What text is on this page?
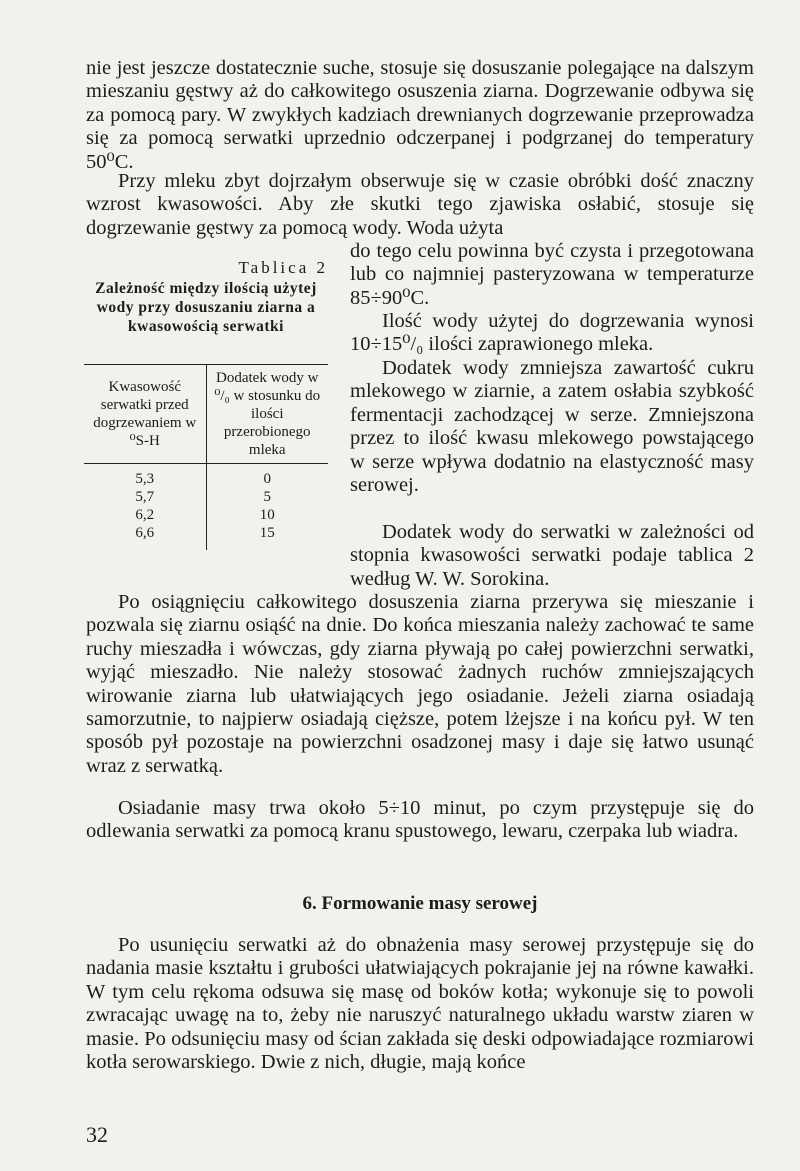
nie jest jeszcze dostatecznie suche, stosuje się dosuszanie polegające na dalszym mieszaniu gęstwy aż do całkowitego osuszenia ziarna. Dogrzewanie odbywa się za pomocą pary. W zwykłych kadziach drewnianych dogrzewanie przeprowadza się za pomocą serwatki uprzednio odczerpanej i podgrzanej do temperatury 50⁰C.

Przy mleku zbyt dojrzałym obserwuje się w czasie obróbki dość znaczny wzrost kwasowości. Aby złe skutki tego zjawiska osłabić, stosuje się dogrzewanie gęstwy za pomocą wody. Woda użyta

do tego celu powinna być czysta i przegotowana lub co najmniej pasteryzowana w temperaturze 85÷90⁰C.

Ilość wody użytej do dogrzewania wynosi 10÷15⁰/₀ ilości zaprawionego mleka.

Dodatek wody zmniejsza zawartość cukru mlekowego w ziarnie, a zatem osłabia szybkość fermentacji zachodzącej w serze. Zmniejszona przez to ilość kwasu mlekowego powstającego w serze wpływa dodatnio na elastyczność masy serowej.

Dodatek wody do serwatki w zależności od stopnia kwasowości serwatki podaje tablica 2 według W. W. Sorokina.

Tablica 2
Zależność między ilością użytej wody przy dosuszaniu ziarna a kwasowością serwatki
Kwasowość serwatki przed dogrzewaniem w ⁰S-H	Dodatek wody w ⁰/₀ w stosunku do ilości przerobionego mleka
5,3	0
5,7	5
6,2	10
6,6	15

Po osiągnięciu całkowitego dosuszenia ziarna przerywa się mieszanie i pozwala się ziarnu osiąść na dnie. Do końca mieszania należy zachować te same ruchy mieszadła i wówczas, gdy ziarna pływają po całej powierzchni serwatki, wyjąć mieszadło. Nie należy stosować żadnych ruchów zmniejszających wirowanie ziarna lub ułatwiających jego osiadanie. Jeżeli ziarna osiadają samorzutnie, to najpierw osiadają cięższe, potem lżejsze i na końcu pył. W ten sposób pył pozostaje na powierzchni osadzonej masy i daje się łatwo usunąć wraz z serwatką.

Osiadanie masy trwa około 5÷10 minut, po czym przystępuje się do odlewania serwatki za pomocą kranu spustowego, lewaru, czerpaka lub wiadra.

6. Formowanie masy serowej

Po usunięciu serwatki aż do obnażenia masy serowej przystępuje się do nadania masie kształtu i grubości ułatwiających pokrajanie jej na równe kawałki. W tym celu rękoma odsuwa się masę od boków kotła; wykonuje się to powoli zwracając uwagę na to, żeby nie naruszyć naturalnego układu warstw ziaren w masie. Po odsunięciu masy od ścian zakłada się deski odpowiadające rozmiarowi kotła serowarskiego. Dwie z nich, długie, mają końce

32
